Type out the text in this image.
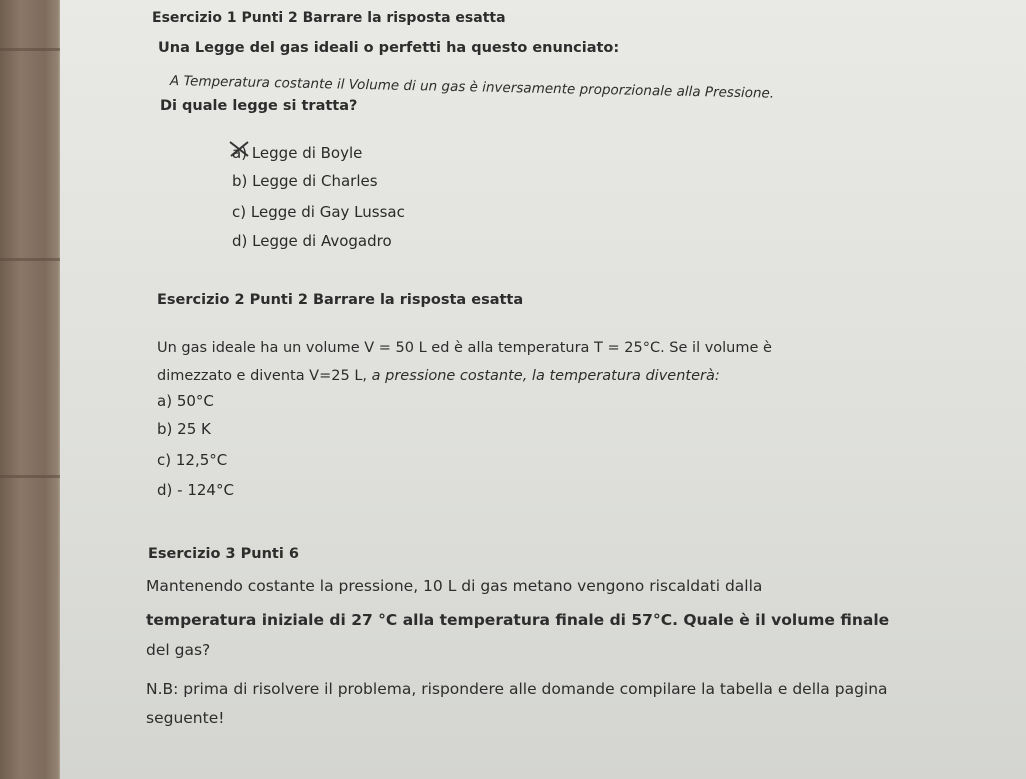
Esercizio 1 Punti 2 Barrare la risposta esatta
Una Legge del gas ideali o perfetti ha questo enunciato:
A Temperatura costante il Volume di un gas è inversamente proporzionale alla Pressione.
Di quale legge si tratta?
a) Legge di Boyle
b) Legge di Charles
c) Legge di Gay Lussac
d) Legge di Avogadro
Esercizio 2 Punti 2 Barrare la risposta esatta
Un gas ideale ha un volume V = 50 L ed è alla temperatura T = 25°C. Se il volume è
dimezzato e diventa V=25 L, a pressione costante, la temperatura diventerà:
a) 50°C
b) 25 K
c) 12,5°C
d) - 124°C
Esercizio 3 Punti 6
Mantenendo costante la pressione, 10 L di gas metano vengono riscaldati dalla
temperatura iniziale di 27 °C alla temperatura finale di 57°C. Quale è il volume finale
del gas?
N.B: prima di risolvere il problema, rispondere alle domande compilare la tabella e della pagina
seguente!
